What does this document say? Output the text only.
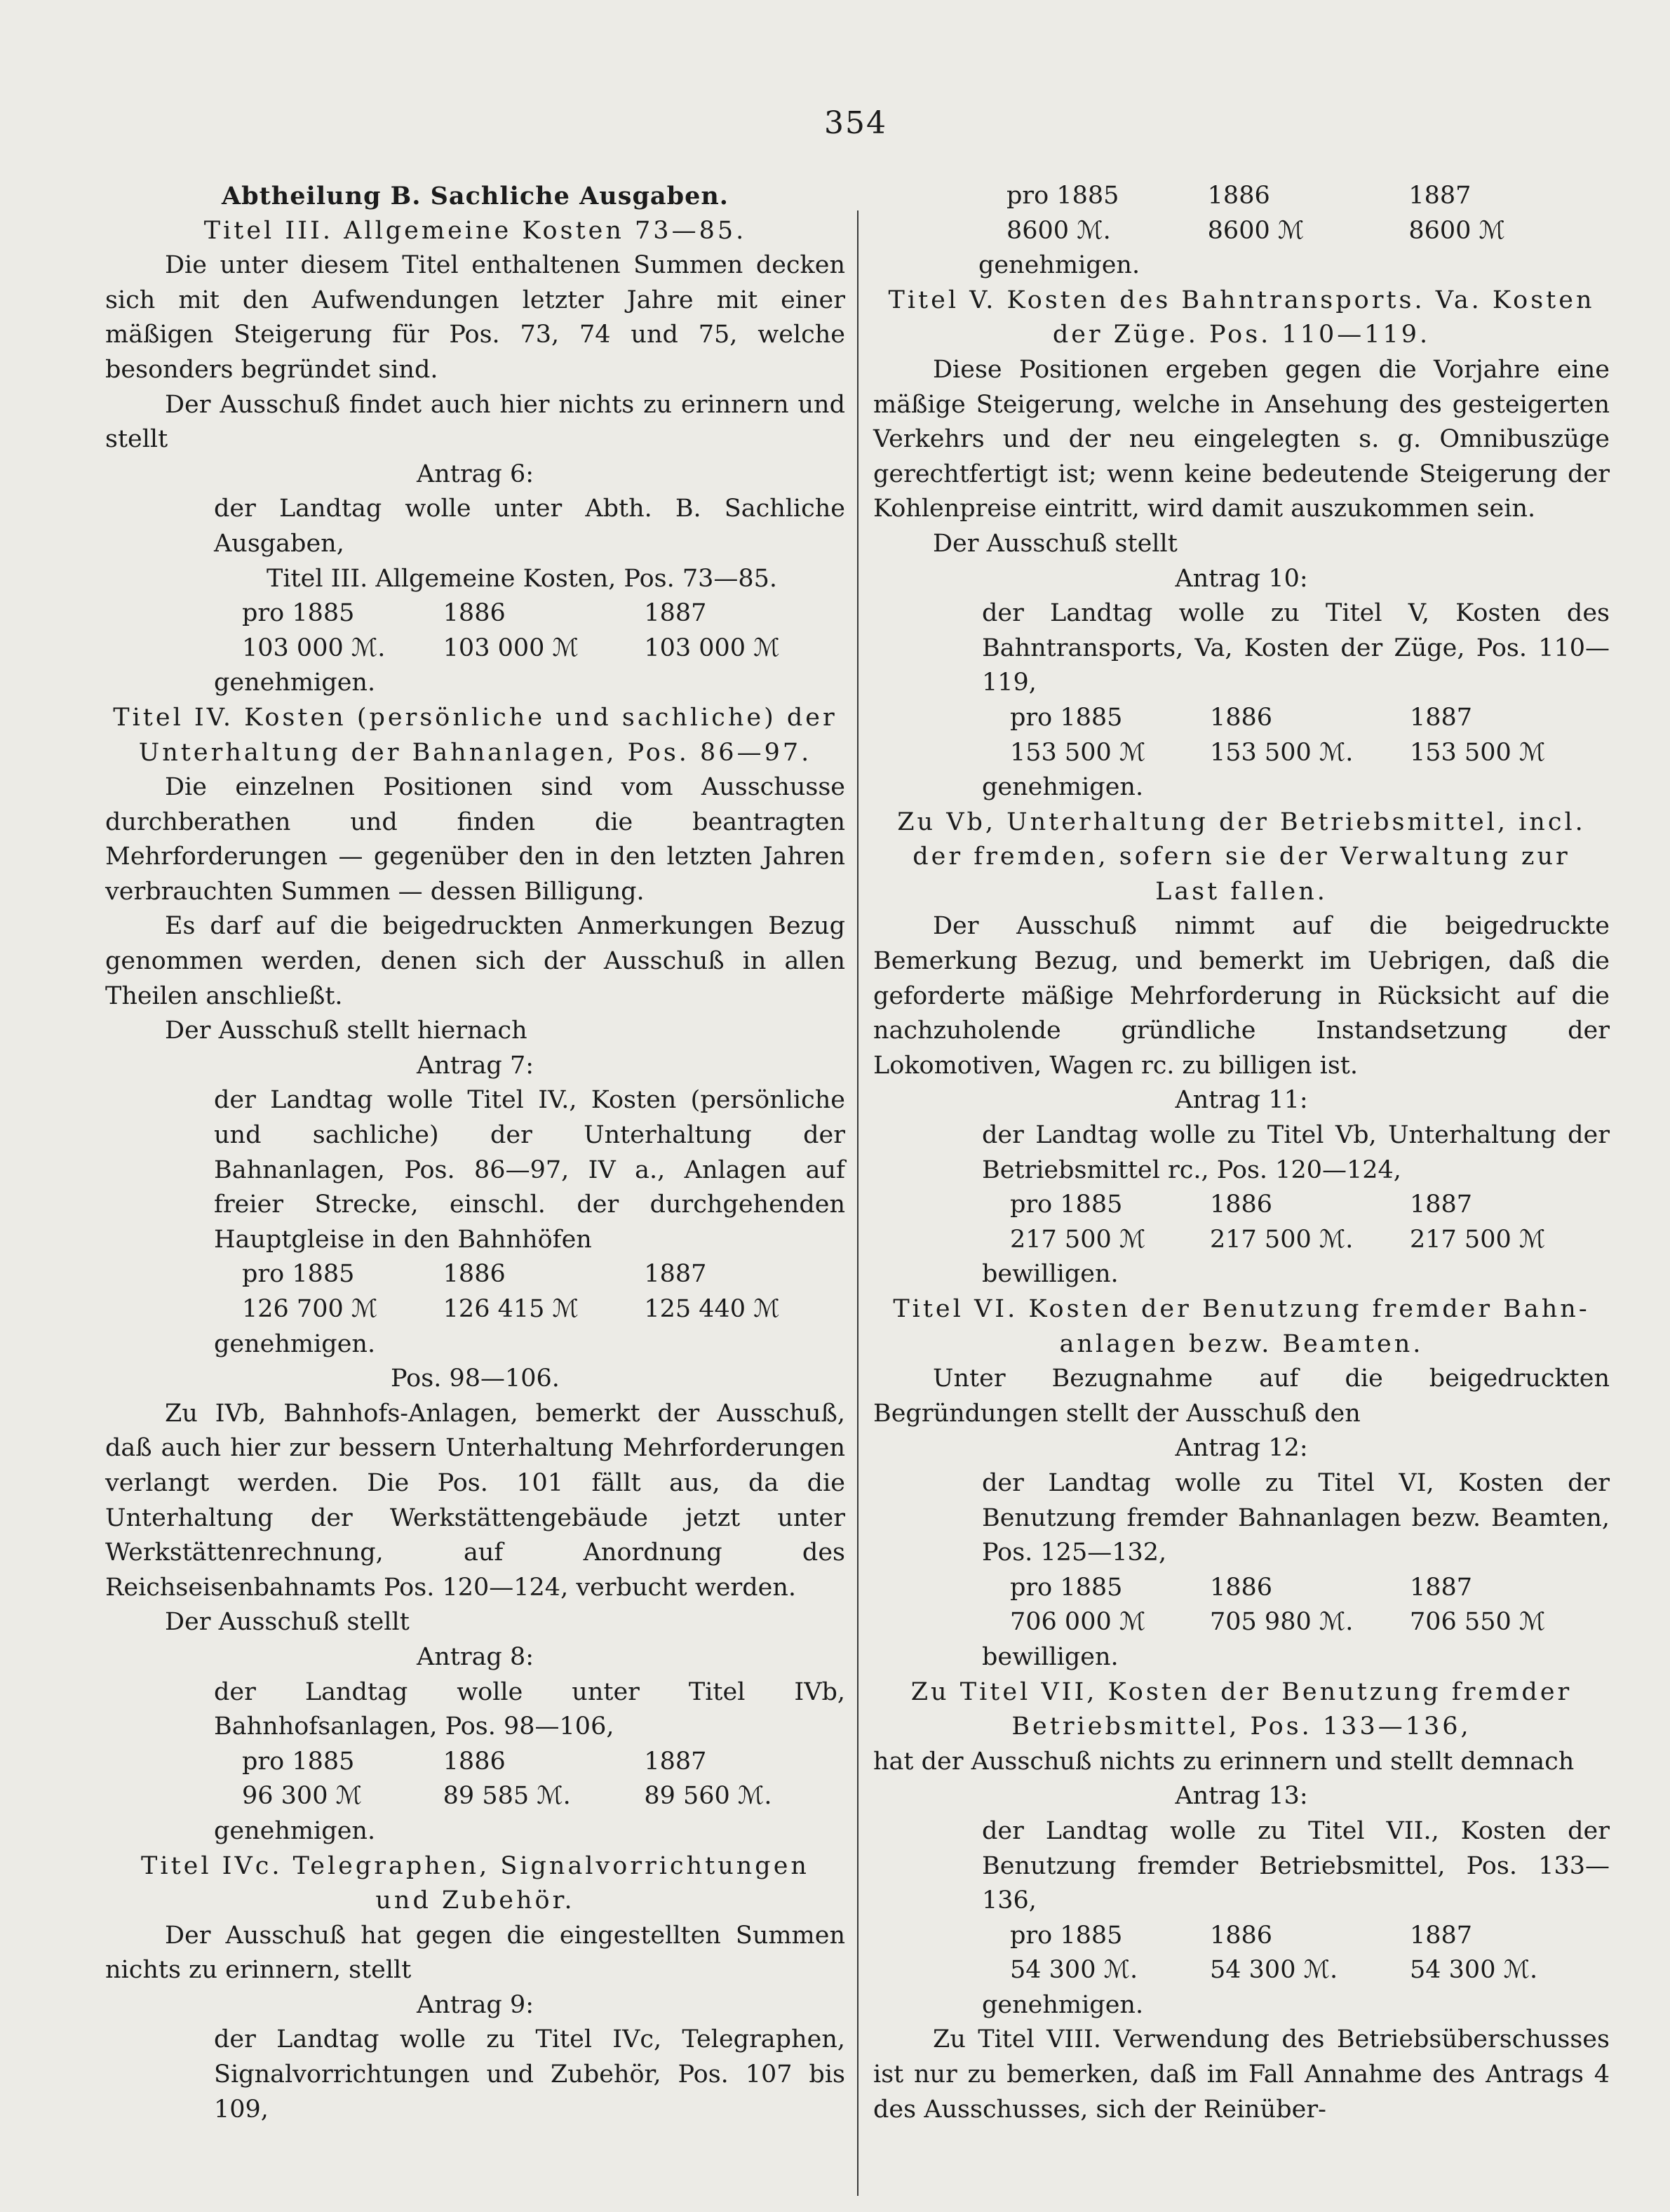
354

Abtheilung B. Sachliche Ausgaben.

Titel III. Allgemeine Kosten 73—85.

Die unter diesem Titel enthaltenen Summen decken sich mit den Aufwendungen letzter Jahre mit einer mäßigen Steigerung für Pos. 73, 74 und 75, welche besonders begründet sind.

Der Ausschuß findet auch hier nichts zu erinnern und stellt

Antrag 6:

der Landtag wolle unter Abth. B. Sachliche Ausgaben,

Titel III. Allgemeine Kosten, Pos. 73—85.

pro 1885	1886	1887
103 000 ℳ.	103 000 ℳ	103 000 ℳ

genehmigen.

Titel IV. Kosten (persönliche und sachliche) der

Unterhaltung der Bahnanlagen, Pos. 86—97.

Die einzelnen Positionen sind vom Ausschusse durchberathen und finden die beantragten Mehrforderungen — gegenüber den in den letzten Jahren verbrauchten Summen — dessen Billigung.

Es darf auf die beigedruckten Anmerkungen Bezug genommen werden, denen sich der Ausschuß in allen Theilen anschließt.

Der Ausschuß stellt hiernach

Antrag 7:

der Landtag wolle Titel IV., Kosten (persönliche und sachliche) der Unterhaltung der Bahnanlagen, Pos. 86—97, IV a., Anlagen auf freier Strecke, einschl. der durchgehenden Hauptgleise in den Bahnhöfen

pro 1885	1886	1887
126 700 ℳ	126 415 ℳ	125 440 ℳ

genehmigen.

Pos. 98—106.

Zu IVb, Bahnhofs-Anlagen, bemerkt der Ausschuß, daß auch hier zur bessern Unterhaltung Mehrforderungen verlangt werden. Die Pos. 101 fällt aus, da die Unterhaltung der Werkstättengebäude jetzt unter Werkstättenrechnung, auf Anordnung des Reichseisenbahnamts Pos. 120—124, verbucht werden.

Der Ausschuß stellt

Antrag 8:

der Landtag wolle unter Titel IVb, Bahnhofsanlagen, Pos. 98—106,

pro 1885	1886	1887
96 300 ℳ	89 585 ℳ.	89 560 ℳ.

genehmigen.

Titel IVc. Telegraphen, Signalvorrichtungen

und Zubehör.

Der Ausschuß hat gegen die eingestellten Summen nichts zu erinnern, stellt

Antrag 9:

der Landtag wolle zu Titel IVc, Telegraphen, Signalvorrichtungen und Zubehör, Pos. 107 bis 109,

pro 1885	1886	1887
8600 ℳ.	8600 ℳ	8600 ℳ

genehmigen.

Titel V. Kosten des Bahntransports. Va. Kosten

der Züge. Pos. 110—119.

Diese Positionen ergeben gegen die Vorjahre eine mäßige Steigerung, welche in Ansehung des gesteigerten Verkehrs und der neu eingelegten s. g. Omnibuszüge gerechtfertigt ist; wenn keine bedeutende Steigerung der Kohlenpreise eintritt, wird damit auszukommen sein.

Der Ausschuß stellt

Antrag 10:

der Landtag wolle zu Titel V, Kosten des Bahntransports, Va, Kosten der Züge, Pos. 110—119,

pro 1885	1886	1887
153 500 ℳ	153 500 ℳ.	153 500 ℳ

genehmigen.

Zu Vb, Unterhaltung der Betriebsmittel, incl.

der fremden, sofern sie der Verwaltung zur

Last fallen.

Der Ausschuß nimmt auf die beigedruckte Bemerkung Bezug, und bemerkt im Uebrigen, daß die geforderte mäßige Mehrforderung in Rücksicht auf die nachzuholende gründliche Instandsetzung der Lokomotiven, Wagen rc. zu billigen ist.

Antrag 11:

der Landtag wolle zu Titel Vb, Unterhaltung der Betriebsmittel rc., Pos. 120—124,

pro 1885	1886	1887
217 500 ℳ	217 500 ℳ.	217 500 ℳ

bewilligen.

Titel VI. Kosten der Benutzung fremder Bahn-

anlagen bezw. Beamten.

Unter Bezugnahme auf die beigedruckten Begründungen stellt der Ausschuß den

Antrag 12:

der Landtag wolle zu Titel VI, Kosten der Benutzung fremder Bahnanlagen bezw. Beamten, Pos. 125—132,

pro 1885	1886	1887
706 000 ℳ	705 980 ℳ.	706 550 ℳ

bewilligen.

Zu Titel VII, Kosten der Benutzung fremder

Betriebsmittel, Pos. 133—136,

hat der Ausschuß nichts zu erinnern und stellt demnach

Antrag 13:

der Landtag wolle zu Titel VII., Kosten der Benutzung fremder Betriebsmittel, Pos. 133—136,

pro 1885	1886	1887
54 300 ℳ.	54 300 ℳ.	54 300 ℳ.

genehmigen.

Zu Titel VIII. Verwendung des Betriebsüberschusses ist nur zu bemerken, daß im Fall Annahme des Antrags 4 des Ausschusses, sich der Reinüber-
